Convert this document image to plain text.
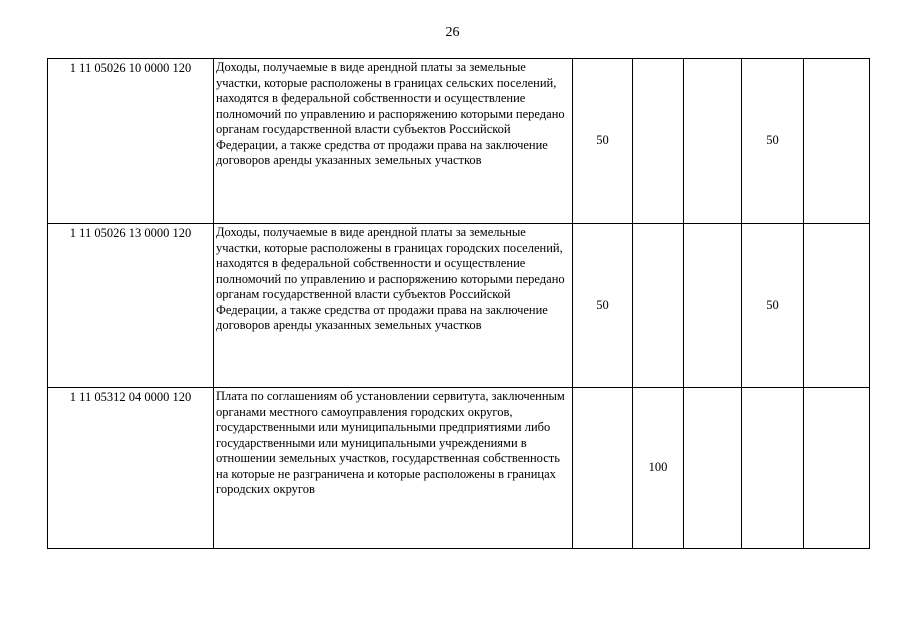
26
1 11 05026 10 0000 120	Доходы, получаемые в виде арендной платы за земельные участки, которые расположены в границах сельских поселений, находятся в федеральной собственности и осуществление полномочий по управлению и распоряжению которыми передано органам государственной власти субъектов Российской Федерации, а также средства от продажи права на заключение договоров аренды указанных земельных участков	50			50	
1 11 05026 13 0000 120	Доходы, получаемые в виде арендной платы за земельные участки, которые расположены в границах городских поселений, находятся в федеральной собственности и осуществление полномочий по управлению и распоряжению которыми передано органам государственной власти субъектов Российской Федерации, а также средства от продажи права на заключение договоров аренды указанных земельных участков	50			50	
1 11 05312 04 0000 120	Плата по соглашениям об установлении сервитута, заключенным органами местного самоуправления городских округов, государственными или муниципальными предприятиями либо государственными или муниципальными учреждениями в отношении земельных участков, государственная собственность на которые не разграничена и которые расположены в границах городских округов		100			
